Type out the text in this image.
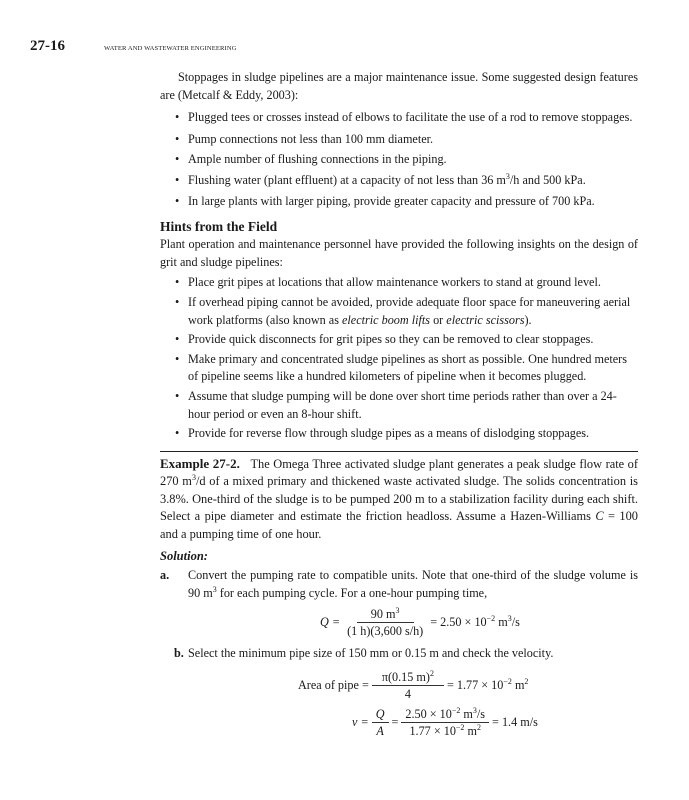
27-16	WATER AND WASTEWATER ENGINEERING

Stoppages in sludge pipelines are a major maintenance issue. Some suggested design features are (Metcalf & Eddy, 2003):

• Plugged tees or crosses instead of elbows to facilitate the use of a rod to remove stoppages.
• Pump connections not less than 100 mm diameter.
• Ample number of flushing connections in the piping.
• Flushing water (plant effluent) at a capacity of not less than 36 $m^3/h$ and 500 kPa.
• In large plants with larger piping, provide greater capacity and pressure of 700 kPa.
Hints from the Field

Plant operation and maintenance personnel have provided the following insights on the design of grit and sludge pipelines:

• Place grit pipes at locations that allow maintenance workers to stand at ground level.
• If overhead piping cannot be avoided, provide adequate floor space for maneuvering aerial work platforms (also known as electric boom lifts or electric scissors).
• Provide quick disconnects for grit pipes so they can be removed to clear stoppages.
• Make primary and concentrated sludge pipelines as short as possible. One hundred meters of pipeline seems like a hundred kilometers of pipeline when it becomes plugged.
• Assume that sludge pumping will be done over short time periods rather than over a 24-hour period or even an 8-hour shift.
• Provide for reverse flow through sludge pipes as a means of dislodging stoppages.

Example 27-2. The Omega Three activated sludge plant generates a peak sludge flow rate of 270 $m^3/d$ of a mixed primary and thickened waste activated sludge. The solids concentration is 3.8%. One-third of the sludge is to be pumped 200 m to a stabilization facility during each shift. Select a pipe diameter and estimate the friction headloss. Assume a Hazen-Williams C = 100 and a pumping time of one hour.

Solution:

a. Convert the pumping rate to compatible units. Note that one-third of the sludge volume is 90 $m^3$ for each pumping cycle. For a one-hour pumping time,

$Q = \frac{90 m^3}{(1 h)(3,600 s/h)} = 2.50 \times 10^{-2}$ $m^3/s$

b. Select the minimum pipe size of 150 mm or 0.15 m and check the velocity.

Area of pipe = $\frac{\pi(0.15 m)^2}{4} = 1.77 \times 10^{-2}$ $m^2$
$v = \frac{Q}{A} = \frac{2.50 \times 10^{-2} m^3/s}{1.77 \times 10^{-2} m^2} = 1.4$ m/s
